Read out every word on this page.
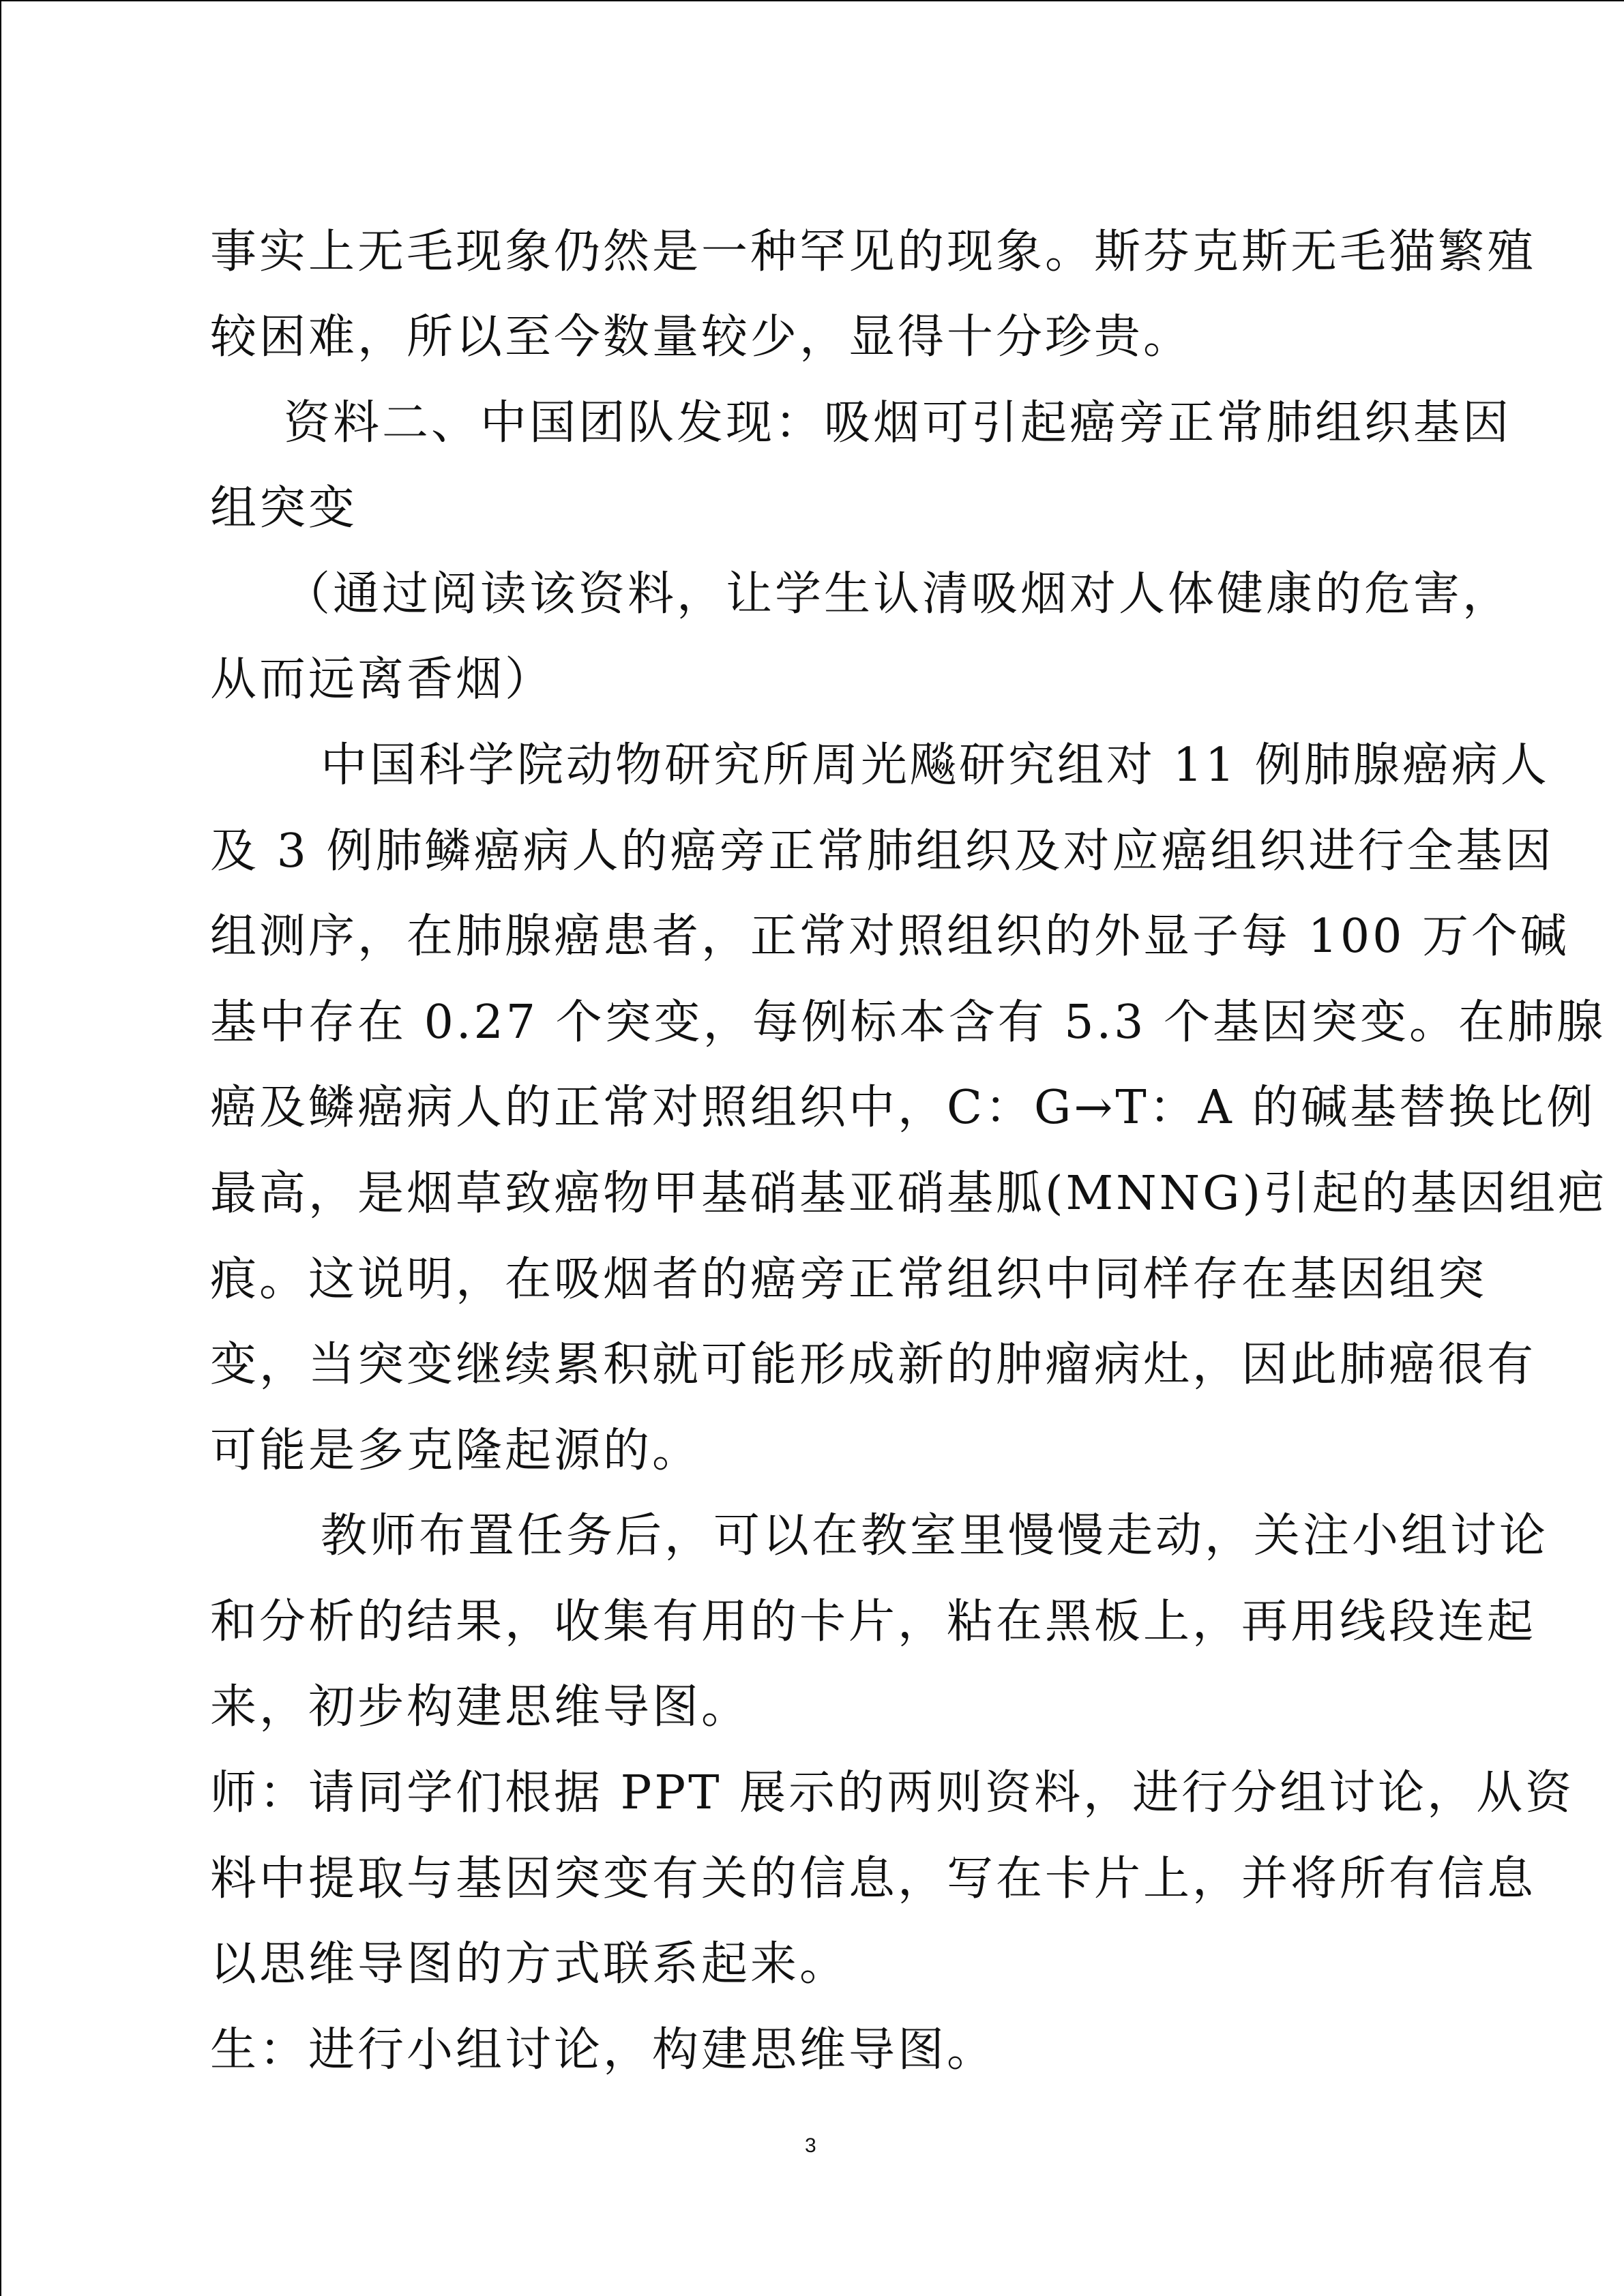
事实上无毛现象仍然是一种罕见的现象。斯芬克斯无毛猫繁殖

较困难，所以至今数量较少，显得十分珍贵。

资料二、中国团队发现：吸烟可引起癌旁正常肺组织基因

组突变

（通过阅读该资料，让学生认清吸烟对人体健康的危害，

从而远离香烟）

中国科学院动物研究所周光飚研究组对 11 例肺腺癌病人

及 3 例肺鳞癌病人的癌旁正常肺组织及对应癌组织进行全基因

组测序，在肺腺癌患者，正常对照组织的外显子每 100 万个碱

基中存在 0.27 个突变，每例标本含有 5.3 个基因突变。在肺腺

癌及鳞癌病人的正常对照组织中，C：G→T：A 的碱基替换比例

最高，是烟草致癌物甲基硝基亚硝基胍(MNNG)引起的基因组疤

痕。这说明，在吸烟者的癌旁正常组织中同样存在基因组突

变，当突变继续累积就可能形成新的肿瘤病灶，因此肺癌很有

可能是多克隆起源的。

教师布置任务后，可以在教室里慢慢走动，关注小组讨论

和分析的结果，收集有用的卡片，粘在黑板上，再用线段连起

来，初步构建思维导图。

师：请同学们根据 PPT 展示的两则资料，进行分组讨论，从资

料中提取与基因突变有关的信息，写在卡片上，并将所有信息

以思维导图的方式联系起来。

生：进行小组讨论，构建思维导图。

3
